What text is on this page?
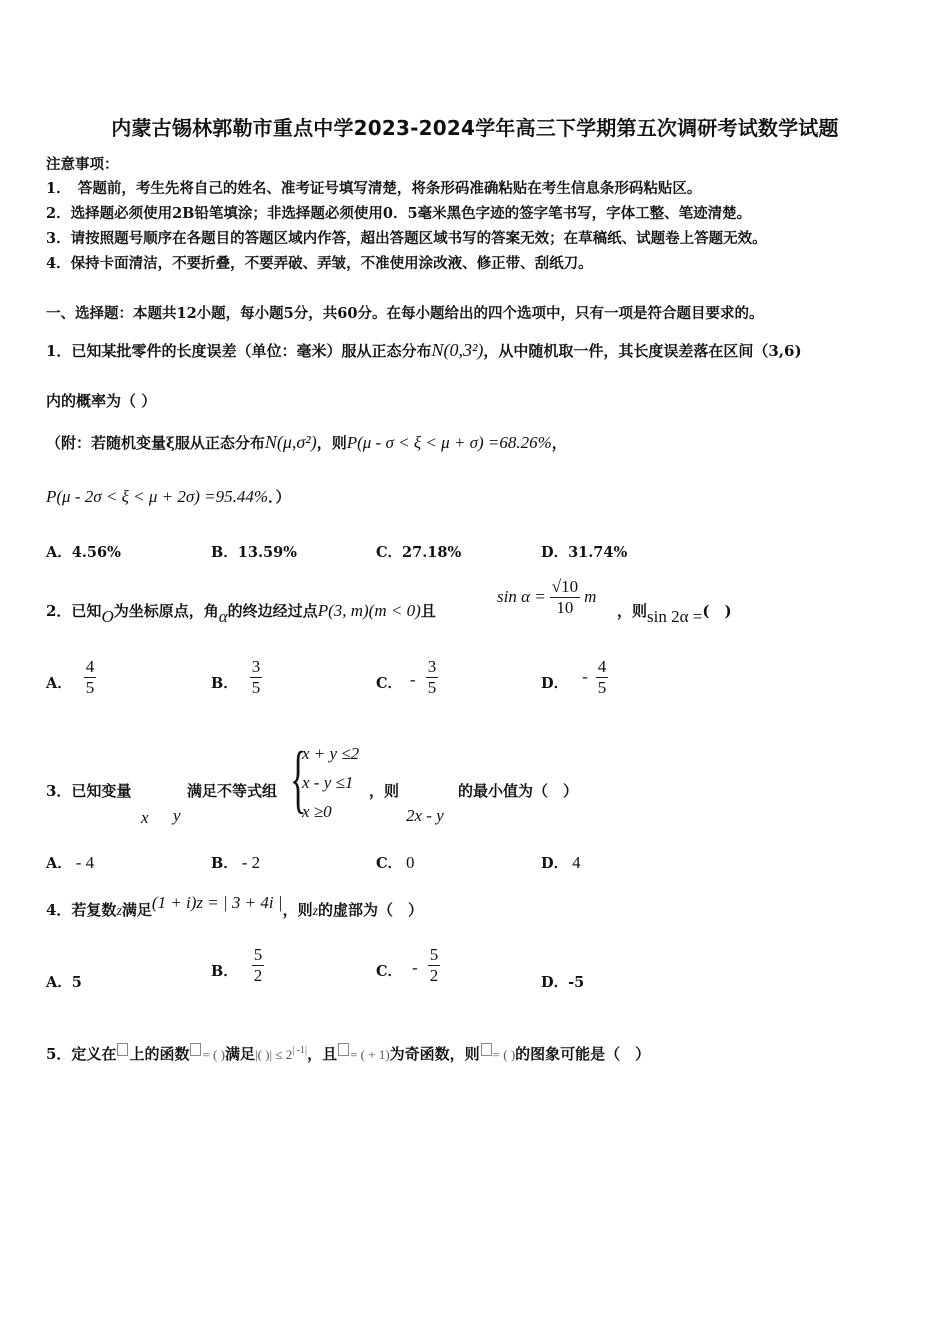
内蒙古锡林郭勒市重点中学2023-2024学年高三下学期第五次调研考试数学试题
注意事项：
1．　答题前，考生先将自己的姓名、准考证号填写清楚，将条形码准确粘贴在考生信息条形码粘贴区。
2．选择题必须使用2B铅笔填涂；非选择题必须使用0．5毫米黑色字迹的签字笔书写，字体工整、笔迹清楚。
3．请按照题号顺序在各题目的答题区域内作答，超出答题区域书写的答案无效；在草稿纸、试题卷上答题无效。
4．保持卡面清洁，不要折叠，不要弄破、弄皱，不准使用涂改液、修正带、刮纸刀。
一、选择题：本题共12小题，每小题5分，共60分。在每小题给出的四个选项中，只有一项是符合题目要求的。
1．已知某批零件的长度误差（单位：毫米）服从正态分布N(0,3²)，从中随机取一件，其长度误差落在区间（3,6)
内的概率为（ ）
（附：若随机变量ξ服从正态分布N(μ,σ²)，则P(μ - σ < ξ < μ + σ) =68.26%，
P(μ - 2σ < ξ < μ + 2σ) =95.44%．）
A．4.56%	B．13.59%	C．27.18%	D．31.74%
2．已知O为坐标原点，角α的终边经过点P(3, m)(m < 0)且
$\sin \alpha = \frac{√10}{10}$ m
，则sin 2α =(　)
A． $\frac{4}{5}$	B． $\frac{3}{5}$	C． - $\frac{3}{5}$	D． - $\frac{4}{5}$
3．已知变量
x y
满足不等式组 {
x + y ≤2
x - y ≤1
x ≥0
，则
2x - y
的最小值为（　）
A． - 4	B． - 2	C． 0	D． 4
4．若复数z满足(1 + i)z = | 3 + 4i |，则z的虚部为（　）
A．5
B． $\frac{5}{2}$	C． - $\frac{5}{2}$	D．-5
5．定义在 上的函数 = ( )满足|( )| ≤ $2^{| -1|}$，且 = ( + 1)为奇函数，则 = ( )的图象可能是（　）
